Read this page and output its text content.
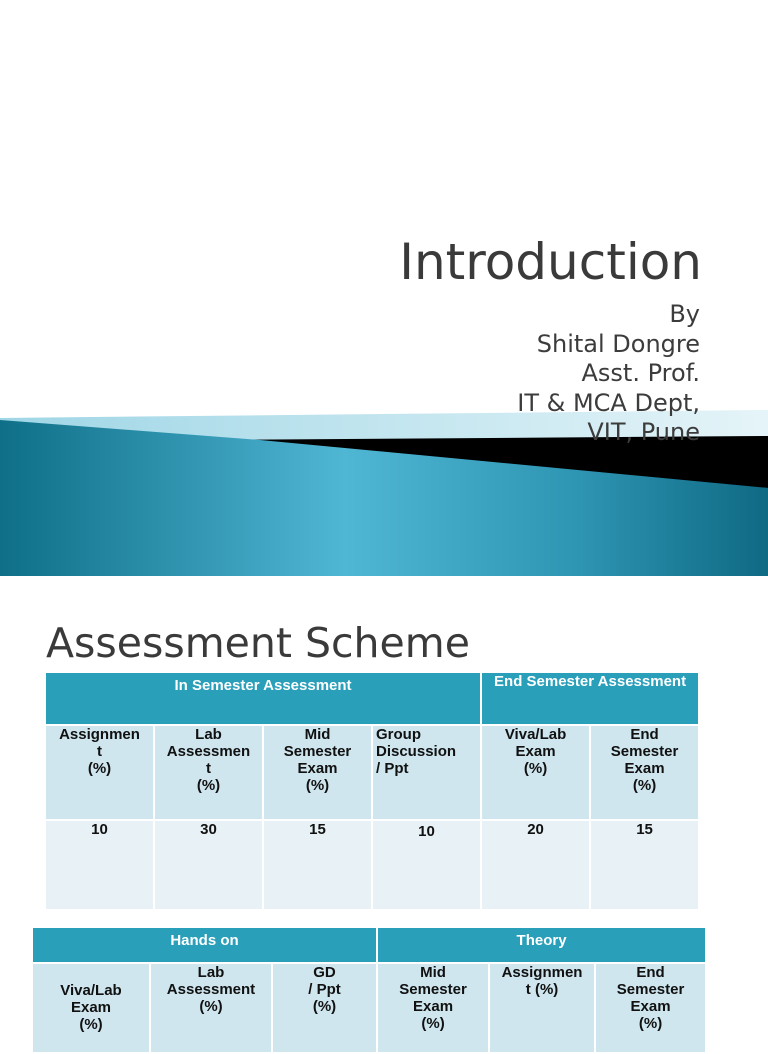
Introduction
By
Shital Dongre
Asst. Prof.
IT & MCA Dept,
VIT, Pune
Assessment Scheme
In Semester Assessment				End Semester Assessment	

Assignmen
t
(%)	Lab
Assessmen
t
(%)	Mid
Semester
Exam
(%)	Group
Discussion
/ Ppt	Viva/Lab
Exam
(%)	End
Semester
Exam
(%)

10	30	15	10	20	15
Hands on			Theory		

Viva/Lab
Exam
(%)	Lab
Assessment
(%)	GD
/ Ppt
(%)	Mid
Semester
Exam
(%)	Assignmen
t (%)	End
Semester
Exam
(%)
